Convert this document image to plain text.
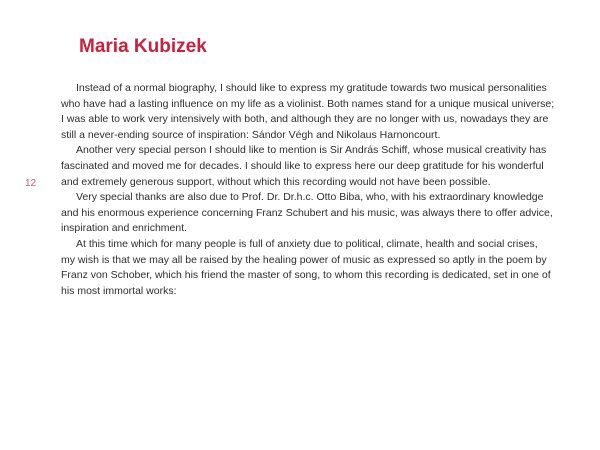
Maria Kubizek
12

Instead of a normal biography, I should like to express my gratitude towards two musical personalities
who have had a lasting influence on my life as a violinist. Both names stand for a unique musical universe;
I was able to work very intensively with both, and although they are no longer with us, nowadays they are
still a never-ending source of inspiration: Sándor Végh and Nikolaus Harnoncourt.

Another very special person I should like to mention is Sir András Schiff, whose musical creativity has
fascinated and moved me for decades. I should like to express here our deep gratitude for his wonderful
and extremely generous support, without which this recording would not have been possible.

Very special thanks are also due to Prof. Dr. Dr.h.c. Otto Biba, who, with his extraordinary knowledge
and his enormous experience concerning Franz Schubert and his music, was always there to offer advice,
inspiration and enrichment.

At this time which for many people is full of anxiety due to political, climate, health and social crises,
my wish is that we may all be raised by the healing power of music as expressed so aptly in the poem by
Franz von Schober, which his friend the master of song, to whom this recording is dedicated, set in one of
his most immortal works:
